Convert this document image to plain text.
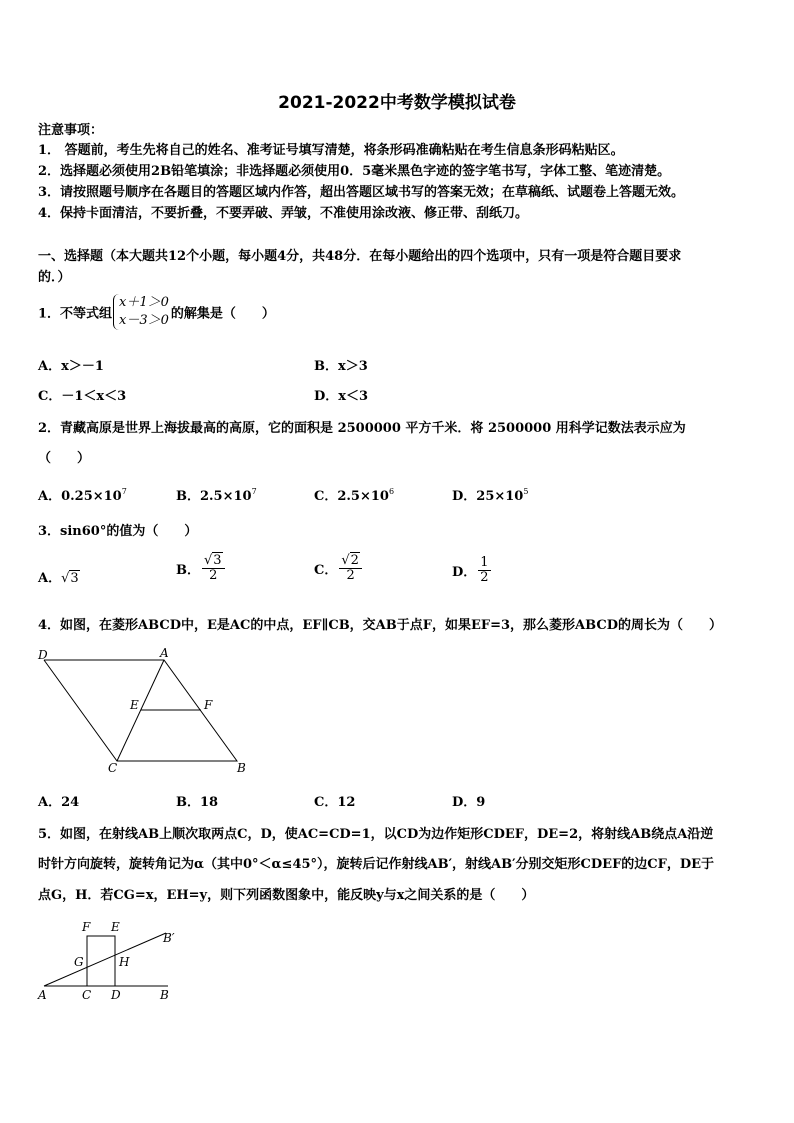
2021-2022中考数学模拟试卷
注意事项：
1． 答题前，考生先将自己的姓名、准考证号填写清楚，将条形码准确粘贴在考生信息条形码粘贴区。
2．选择题必须使用2B铅笔填涂；非选择题必须使用0．5毫米黑色字迹的签字笔书写，字体工整、笔迹清楚。
3．请按照题号顺序在各题目的答题区域内作答，超出答题区域书写的答案无效；在草稿纸、试题卷上答题无效。
4．保持卡面清洁，不要折叠，不要弄破、弄皱，不准使用涂改液、修正带、刮纸刀。
一、选择题（本大题共12个小题，每小题4分，共48分．在每小题给出的四个选项中，只有一项是符合题目要求
的．）
1．不等式组
x＋1＞0
x－3＞0 的解集是（　　）
A．x＞－1	B．x＞3
C．－1＜x＜3	D．x＜3
2．青藏高原是世界上海拔最高的高原，它的面积是 2500000 平方千米．将 2500000 用科学记数法表示应为
（　　）
A．$0.25\times 10^7$	B．$2.5\times 10^7$	C．$2.5\times 10^6$	D．$25\times 10^5$
3．sin60°的值为（　　）
A．√3
B． $\frac{√3}{2}$	C． $\frac{√2}{2}$	D． $\frac{1}{2}$
4．如图，在菱形ABCD中，E是AC的中点，EF∥CB，交AB于点F，如果EF=3，那么菱形ABCD的周长为（　　）
D	A
E	F
C	B
A．24	B．18	C．12	D．9
5．如图，在射线AB上顺次取两点C，D，使AC=CD=1，以CD为边作矩形CDEF，DE=2，将射线AB绕点A沿逆
时针方向旋转，旋转角记为α（其中0°＜α≤45°），旋转后记作射线AB′，射线AB′分别交矩形CDEF的边CF，DE于
点G，H．若CG=x，EH=y，则下列函数图象中，能反映y与x之间关系的是（　　）
F E
B′
G	H
A	C D	B
